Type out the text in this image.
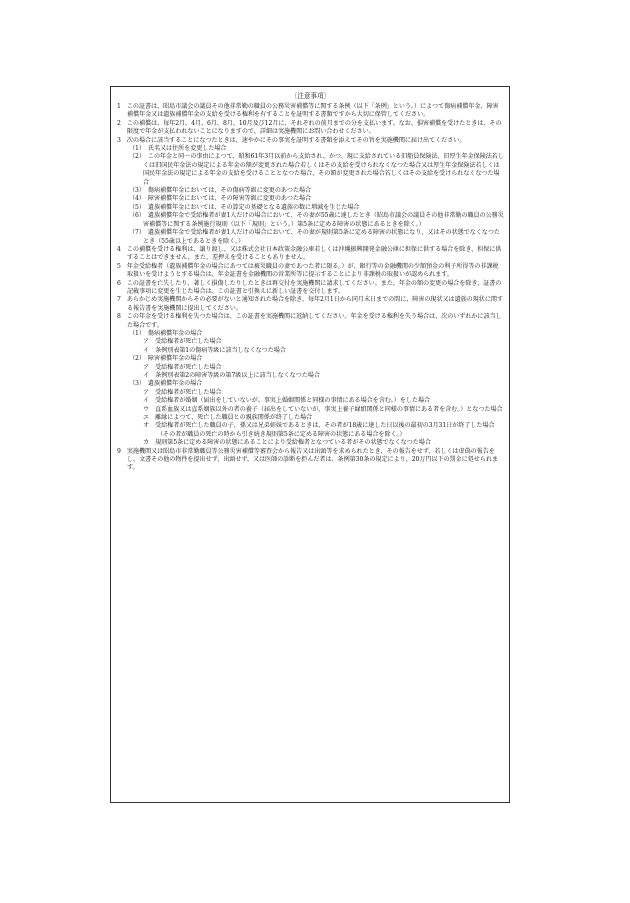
〔注意事項〕

1　この証書は、昭島市議会の議員その他非常勤の職員の公務災害補償等に関する条例（以下「条例」という。）によつて傷病補償年金、障害補償年金又は遺族補償年金の支給を受ける権利を有することを証明する書類ですから大切に保管してください。

2　この補償は、毎年2月、4月、6月、8月、10月及び12月に、それぞれの前月までの分を支払います。なお、損害補償を受けたときは、その限度で年金が支払われないことになりますので、詳細は実施機関にお問い合わせください。

3　次の場合に該当することになつたときは、速やかにその事実を証明する書類を添えてその旨を実施機関に届け出てください。

（1）　氏名又は住所を変更した場合

（2）　この年金と同一の事由によつて、昭和61年3月以前から支給され、かつ、現に支給されている旧船員保険法、旧厚生年金保険法若しくは旧国民年金法の規定による年金の額が変更された場合若しくはその支給を受けられなくなつた場合又は厚生年金保険法若しくは国民年金法の規定による年金の支給を受けることとなつた場合、その額が変更された場合若しくはその支給を受けられなくなつた場合

（3）　傷病補償年金においては、その傷病等級に変更のあつた場合

（4）　障害補償年金においては、その障害等級に変更のあつた場合

（5）　遺族補償年金においては、その算定の基礎となる遺族の数に増減を生じた場合

（6）　遺族補償年金で受給権者が妻1人だけの場合において、その妻が55歳に達したとき（昭島市議会の議員その他非常勤の職員の公務災害補償等に関する条例施行規則（以下「規則」という。）第5条に定める障害の状態にあるときを除く。）

（7）　遺族補償年金で受給権者が妻1人だけの場合において、その妻が規則第5条に定める障害の状態になり、又はその状態でなくなつたとき（55歳以上であるときを除く。）

4　この補償を受ける権利は、譲り渡し、又は株式会社日本政策金融公庫若しくは沖縄振興開発金融公庫に担保に供する場合を除き、担保に供することはできません。また、差押えを受けることもありません。

5　年金受給権者（遺族補償年金の場合にあつては被災職員の妻であつた者に限る。）が、銀行等の金融機関の少額預金の利子所得等の非課税取扱いを受けようとする場合は、年金証書を金融機関の営業所等に提示することにより非課税の取扱いが認められます。

6　この証書を亡失したり、著しく損傷したりしたときは再交付を実施機関に請求してください。また、年金の額の変更の場合を除き、証書の記載事項に変更を生じた場合は、この証書と引換えに新しい証書を交付します。

7　あらかじめ実施機関からその必要がないと通知された場合を除き、毎年2月1日から同月末日までの間に、障害の現状又は遺族の現状に関する報告書を実施機関に提出してください。

8　この年金を受ける権利を失つた場合は、この証書を実施機関に返納してください。年金を受ける権利を失う場合は、次のいずれかに該当した場合です。

（1）　傷病補償年金の場合

ア　受給権者が死亡した場合

イ　条例別表第1の傷病等級に該当しなくなつた場合

（2）　障害補償年金の場合

ア　受給権者が死亡した場合

イ　条例別表第2の障害等級の第7級以上に該当しなくなつた場合

（3）　遺族補償年金の場合

ア　受給権者が死亡した場合

イ　受給権者が婚姻（届出をしていないが、事実上婚姻関係と同様の事情にある場合を含む。）をした場合

ウ　直系血族又は直系姻族以外の者の養子（届出をしていないが、事実上養子縁組関係と同様の事情にある者を含む。）となつた場合

エ　離縁によつて、死亡した職員との親族関係が終了した場合

オ　受給権者が死亡した職員の子、孫又は兄弟姉妹であるときは、その者が18歳に達した日以後の最初の3月31日が終了した場合（その者が職員の死亡の時から引き続き規則第5条に定める障害の状態にある場合を除く。）

カ　規則第5条に定める障害の状態にあることにより受給権者となつている者がその状態でなくなつた場合

9　実施機関又は昭島市非常勤職員等公務災害補償等審査会から報告又は出頭等を求められたとき、その報告をせず、若しくは虚偽の報告をし、文書その他の物件を提出せず、出頭せず、又は医師の診断を拒んだ者は、条例第30条の規定により、20万円以下の罰金に処せられます。
